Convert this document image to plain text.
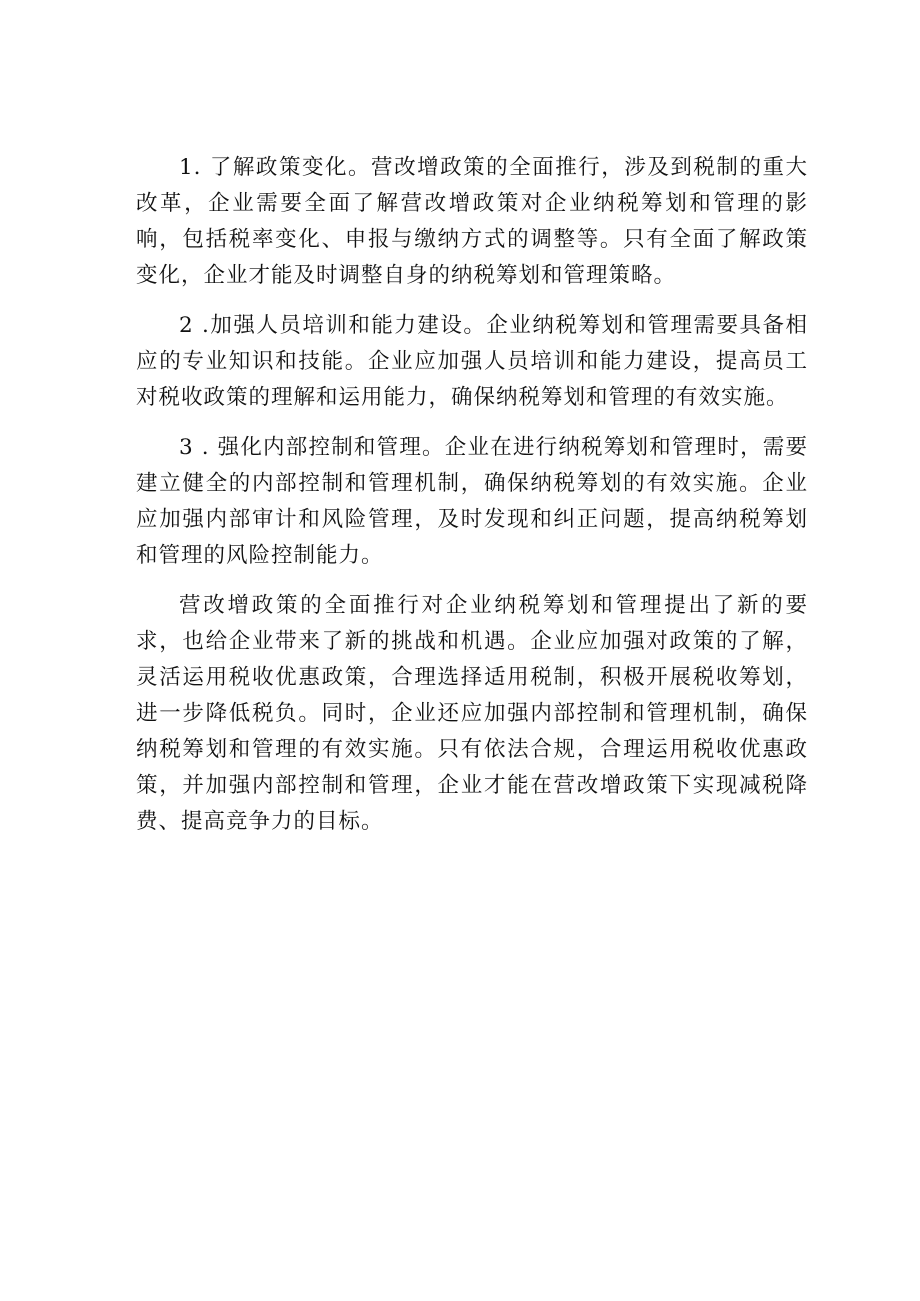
1. 了解政策变化。营改增政策的全面推行，涉及到税制的重大改革，企业需要全面了解营改增政策对企业纳税筹划和管理的影响，包括税率变化、申报与缴纳方式的调整等。只有全面了解政策变化，企业才能及时调整自身的纳税筹划和管理策略。

2 .加强人员培训和能力建设。企业纳税筹划和管理需要具备相应的专业知识和技能。企业应加强人员培训和能力建设，提高员工对税收政策的理解和运用能力，确保纳税筹划和管理的有效实施。

3 . 强化内部控制和管理。企业在进行纳税筹划和管理时，需要建立健全的内部控制和管理机制，确保纳税筹划的有效实施。企业应加强内部审计和风险管理，及时发现和纠正问题，提高纳税筹划和管理的风险控制能力。

营改增政策的全面推行对企业纳税筹划和管理提出了新的要求，也给企业带来了新的挑战和机遇。企业应加强对政策的了解，灵活运用税收优惠政策，合理选择适用税制，积极开展税收筹划，进一步降低税负。同时，企业还应加强内部控制和管理机制，确保纳税筹划和管理的有效实施。只有依法合规，合理运用税收优惠政策，并加强内部控制和管理，企业才能在营改增政策下实现减税降费、提高竞争力的目标。
